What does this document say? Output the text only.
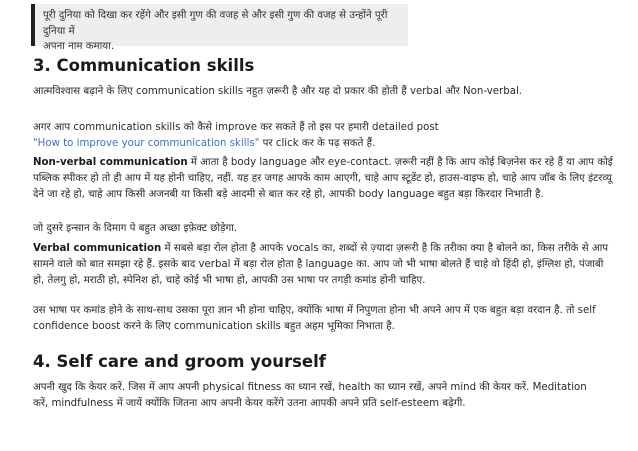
पूरी दुनिया को दिखा कर रहेंगे और इसी गुण की वजह से और इसी गुण की वजह से उन्होंने पूरी दुनिया में
अपना नाम कमाया.
3. Communication skills

आत्मविश्वास बढ़ाने के लिए communication skills नहुत ज़रूरी है और यह दो प्रकार की होती हैं verbal और Non-verbal.

अगर आप communication skills को कैसे improve कर सकते हैं तो इस पर हमारी detailed post
"How to improve your communication skills" पर click कर के पढ़ सकते हैं.

Non-verbal communication में आता है body language और eye-contact. ज़रूरी नहीं है कि आप कोई बिज़नेस कर रहे हैं या आप कोई पब्लिक स्पीकर हो तो ही आप में यह होनी चाहिए, नहीं. यह हर जगह आपके काम आएगी, चाहे आप स्टूडेंट हो, हाउस-वाइफ हो, चाहे आप जॉब के लिए इंटरव्यू देने जा रहे हो, चाहे आप किसी अजनबी या किसी बड़े आदमी से बात कर रहे हो, आपकी body language बहुत बड़ा किरदार निभाती है.

जो दुसरे इन्सान के दिमाग पे बहुत अच्छा इफ़ेक्ट छोड़ेगा.

Verbal communication में सबसे बड़ा रोल होता है आपके vocals का, शब्दों से ज़्यादा ज़रूरी है कि तरीका क्या है बोलने का, किस तरीके से आप सामने वाले को बात समझा रहे हैं. इसके बाद verbal में बड़ा रोल होता है language का. आप जो भी भाषा बोलते हैं चाहे वो हिंदी हो, इंग्लिश हो, पंजाबी हो, तेलगु हो, मराठी हो, स्पेनिश हो, चाहे कोई भी भाषा हो, आपकी उस भाषा पर तगड़ी कमांड होनी चाहिए.

उस भाषा पर कमांड होने के साथ-साथ उसका पूरा ज्ञान भी होना चाहिए, क्योंकि भाषा में निपुणता होना भी अपने आप में एक बहुत बड़ा वरदान है. तो self confidence boost करने के लिए communication skills बहुत अहम भूमिका निभाता है.

4. Self care and groom yourself

अपनी खुद कि केयर करें. जिस में आप अपनी physical fitness का ध्यान रखें, health का ध्यान रखें, अपने mind की केयर करें. Meditation करें, mindfulness में जायें क्योंकि जितना आप अपनी केयर करेंगे उतना आपकी अपने प्रति self-esteem बढ़ेगी.
